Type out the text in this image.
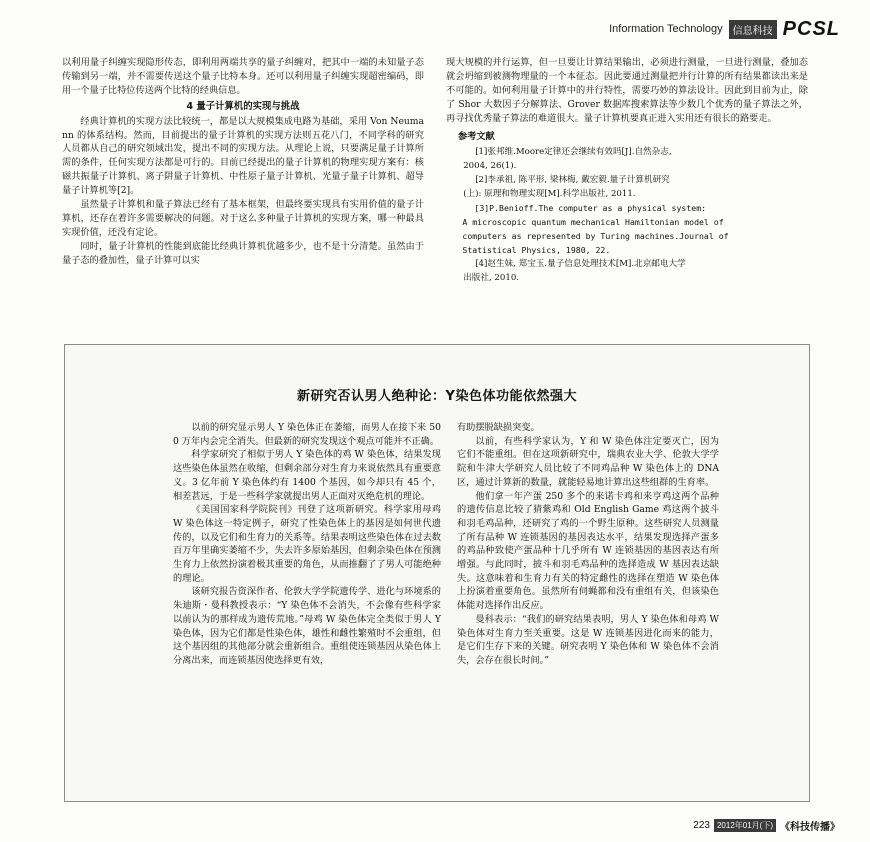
Information Technology	信息科技 PCSL

以利用量子纠缠实现隐形传态，即利用两端共享的量子纠缠对，把其中一端的未知量子态传输到另一端，并不需要传送这个量子比特本身。还可以利用量子纠缠实现超密编码，即用一个量子比特位传送两个比特的经典信息。

4 量子计算机的实现与挑战

经典计算机的实现方法比较统一，都是以大规模集成电路为基础，采用 Von Neumann 的体系结构。然而，目前提出的量子计算机的实现方法则五花八门，不同学科的研究人员都从自己的研究领域出发，提出不同的实现方法。从理论上说，只要满足量子计算所需的条件，任何实现方法都是可行的。目前已经提出的量子计算机的物理实现方案有：核磁共振量子计算机、离子阱量子计算机、中性原子量子计算机、光量子量子计算机、超导量子计算机等[2]。

虽然量子计算机和量子算法已经有了基本框架，但最终要实现具有实用价值的量子计算机，还存在着许多需要解决的问题。对于这么多种量子计算机的实现方案，哪一种最具实现价值，还没有定论。

同时，量子计算机的性能到底能比经典计算机优越多少，也不是十分清楚。虽然由于量子态的叠加性，量子计算可以实

现大规模的并行运算，但一旦要让计算结果输出，必须进行测量，一旦进行测量，叠加态就会坍缩到被测物理量的一个本征态。因此要通过测量把并行计算的所有结果都读出来是不可能的。如何利用量子计算中的并行特性，需要巧妙的算法设计。因此到目前为止，除了 Shor 大数因子分解算法、Grover 数据库搜索算法等少数几个优秀的量子算法之外，再寻找优秀量子算法的难道很大。量子计算机要真正进入实用还有很长的路要走。

参考文献

[1]张邦维.Moore定律还会继续有效吗[J].自然杂志,

2004, 26(1).

[2]李承祖, 陈平形, 梁林梅, 戴宏毅.量子计算机研究

(上): 原理和物理实现[M].科学出版社, 2011.

[3]P.Benioff.The computer as a physical system:

A microscopic quantum mechanical Hamiltonian model of

computers as represented by Turing machines.Journal of

Statistical Physics, 1980, 22.

[4]赵生妹, 郑宝玉.量子信息处理技术[M].北京邮电大学

出版社, 2010.

新研究否认男人绝种论：Y染色体功能依然强大

以前的研究显示男人 Y 染色体正在萎缩，而男人在接下来 500 万年内会完全消失。但最新的研究发现这个观点可能并不正确。

科学家研究了相似于男人 Y 染色体的鸡 W 染色体，结果发现这些染色体虽然在收缩，但剩余部分对生育力来说依然具有重要意义。3 亿年前 Y 染色体约有 1400 个基因，如今却只有 45 个，相差甚远，于是一些科学家就提出男人正面对灭绝危机的理论。

《美国国家科学院院刊》刊登了这项新研究。科学家用母鸡 W 染色体这一特定例子，研究了性染色体上的基因是如何世代遗传的，以及它们和生育力的关系等。结果表明这些染色体在过去数百万年里确实萎缩不少，失去许多原始基因，但剩余染色体在预测生育力上依然扮演着极其重要的角色，从而推翻了了男人可能绝种的理论。

该研究报告资深作者、伦敦大学学院遗传学、进化与环境系的朱迪斯・曼科教授表示：“Y 染色体不会消失，不会像有些科学家以前认为的那样成为遗传荒地。”母鸡 W 染色体完全类似于男人 Y 染色体，因为它们都是性染色体，雄性和雌性繁殖时不会重组，但这个基因组的其他部分就会重新组合。重组使连锁基因从染色体上分离出来，而连锁基因使选择更有效，

有助摆脱缺损突变。

以前，有些科学家认为，Y 和 W 染色体注定要灭亡，因为它们不能重组。但在这项新研究中，瑞典农业大学、伦敦大学学院和牛津大学研究人员比较了不同鸡品种 W 染色体上的 DNA 区，通过计算新的数量，就能轻易地计算出这些组群的生育率。

他们拿一年产蛋 250 多个的来诺卡鸡和来亨鸡这两个品种的遗传信息比较了猜紫鸡和 Old English Game 鸡这两个披斗和羽毛鸡品种，还研究了鸡的一个野生原种。这些研究人员测量了所有品种 W 连锁基因的基因表达水平，结果发现选择产蛋多的鸡品种致使产蛋品种十几乎所有 W 连锁基因的基因表达有所增强。与此同时，披斗和羽毛鸡品种的选择造成 W 基因表达缺失。这意味着和生育力有关的特定雌性的选择在塑造 W 染色体上扮演着重要角色。虽然所有伺蝇都和没有重组有关，但该染色体能对选择作出反应。

曼科表示：“我们的研究结果表明，男人 Y 染色体和母鸡 W 染色体对生育力至关重要。这是 W 连锁基因进化而来的能力，是它们生存下来的关键。研究表明 Y 染色体和 W 染色体不会消失，会存在很长时间。”

223 2012年01月(下) 《科技传播》
